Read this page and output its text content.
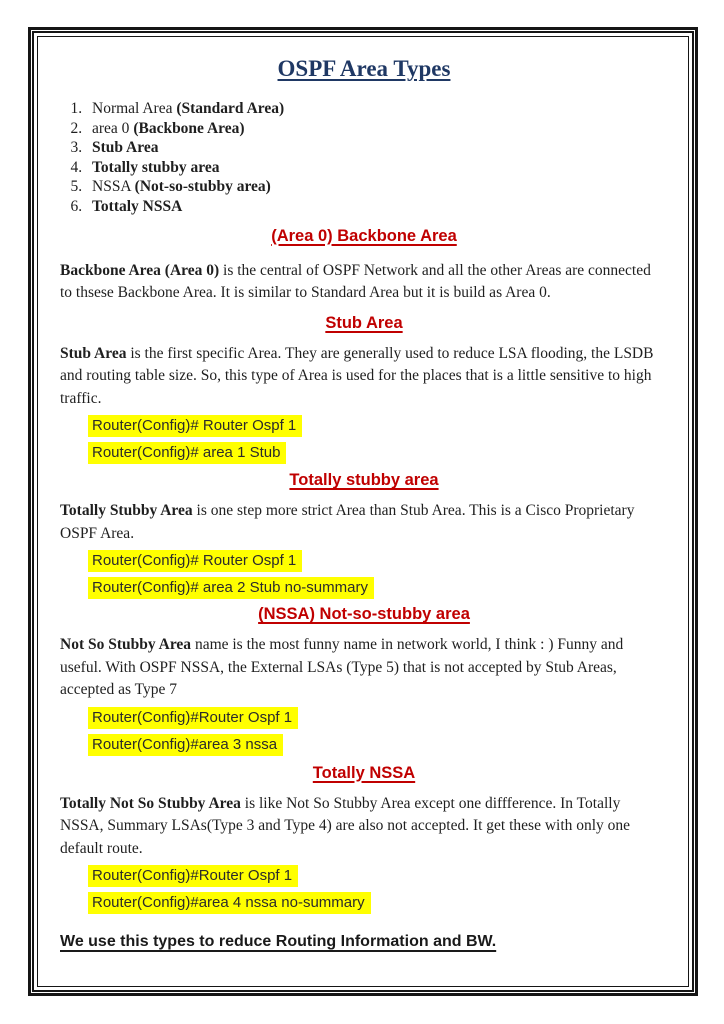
OSPF Area Types
1. Normal Area (Standard Area)
2. area 0 (Backbone Area)
3. Stub Area
4. Totally stubby area
5. NSSA (Not-so-stubby area)
6. Tottaly NSSA
(Area 0) Backbone Area

Backbone Area (Area 0) is the central of OSPF Network and all the other Areas are connected to thsese Backbone Area. It is similar to Standard Area but it is build as Area 0.

Stub Area

Stub Area is the first specific Area. They are generally used to reduce LSA flooding, the LSDB and routing table size. So, this type of Area is used for the places that is a little sensitive to high traffic.

Router(Config)# Router Ospf 1
Router(Config)# area 1 Stub
Totally stubby area

Totally Stubby Area is one step more strict Area than Stub Area. This is a Cisco Proprietary OSPF Area.

Router(Config)# Router Ospf 1
Router(Config)# area 2 Stub no-summary
(NSSA) Not-so-stubby area

Not So Stubby Area name is the most funny name in network world, I think : ) Funny and useful. With OSPF NSSA, the External LSAs (Type 5) that is not accepted by Stub Areas, accepted as Type 7

Router(Config)#Router Ospf 1
Router(Config)#area 3 nssa
Totally NSSA

Totally Not So Stubby Area is like Not So Stubby Area except one diffference. In Totally NSSA, Summary LSAs(Type 3 and Type 4) are also not accepted. It get these with only one default route.

Router(Config)#Router Ospf 1
Router(Config)#area 4 nssa no-summary

We use this types to reduce Routing Information and BW.
